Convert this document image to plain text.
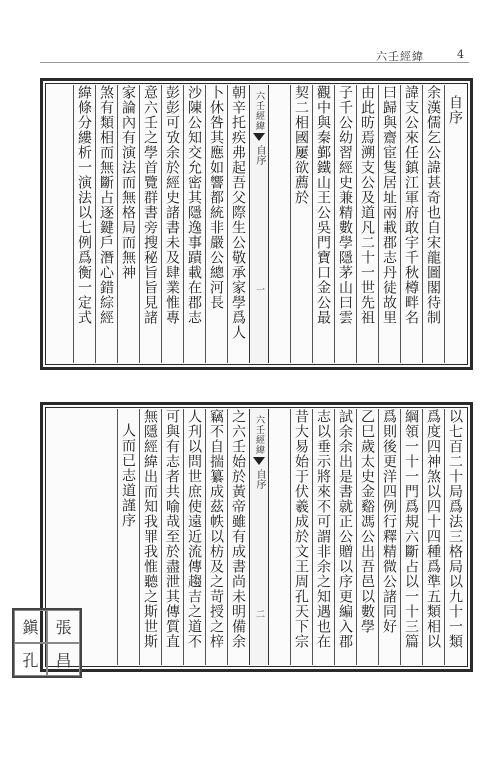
六壬經緯	4
自序
余漢儒乞公諱甚奇也自宋龍圖閣待制
諱支公來任鎮江軍府敢宇千秋樽畔名
曰歸與齋宦隻居址兩載郡志丹徒故里
由此昉焉溯支公及道凡二十一世先祖
子千公幼習經史兼精數學隱茅山曰雲
觀中與秦鄞鐵山王公吳門寶口金公最
契二相國屢欲薦於
六壬經緯
自序
一
朝辛托疾弗起吾父際生公敬承家學爲人
卜休咎其應如響都統非嚴公總河長
沙陳公知交允密其隱逸事蹟載在郡志
彭彭可攷余於經史諸書未及肆業惟專
意六壬之學首覽群書旁搜秘旨旨見諸
家論內有演法而無格局而無神
煞有類相而無斷占逐鍵戶潛心錯綜經
緯條分縷析一演法以七例爲衡一定式
以七百二十局爲法三格局以九十一類
爲度四神煞以四十四種爲準五類相以
綱領一十一門爲規六斷占以一十三篇
爲則後更洋四例行釋精微公諸同好
乙巳歲太史金谿馮公出吾邑以數學
試余余出是書就正公贈以序更編入郡
志以垂示將來不可謂非余之知遇也在
昔大易始于伏羲成於文王周孔天下宗
六壬經緯
自序
二
之六壬始於黃帝雖有成書尚未明備余
竊不自揣纂成茲帙以枋及之苛授之梓
人刋以問世庶使遠近流傳趨吉之道不
可與有志者共喻哉至於盡泄其傳質直
無隱經緯出而知我罪我惟聽之斯世斯
人而已志道謹序
鎭	張
孔	昌
